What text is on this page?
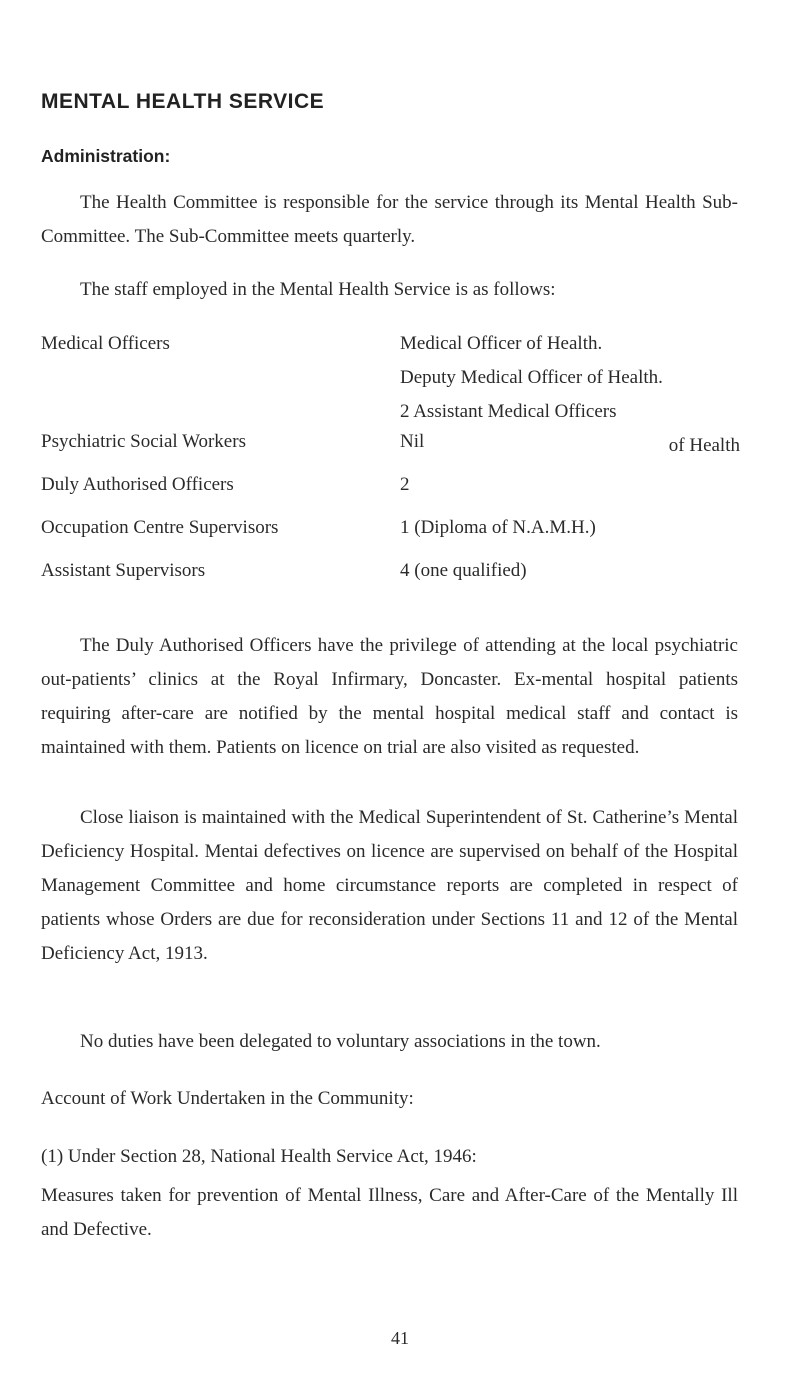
MENTAL HEALTH SERVICE
Administration:

The Health Committee is responsible for the service through its Mental Health Sub-Committee. The Sub-Committee meets quarterly.

The staff employed in the Mental Health Service is as follows:

Medical Officers	Medical Officer of Health.
Deputy Medical Officer of Health.
2 Assistant Medical Officers
of Health
Psychiatric Social Workers	Nil
Duly Authorised Officers	2
Occupation Centre Supervisors	1 (Diploma of N.A.M.H.)
Assistant Supervisors	4 (one qualified)

The Duly Authorised Officers have the privilege of attending at the local psychiatric out-patients’ clinics at the Royal Infirmary, Doncaster. Ex-mental hospital patients requiring after-care are notified by the mental hospital medical staff and contact is maintained with them. Patients on licence on trial are also visited as requested.

Close liaison is maintained with the Medical Superintendent of St. Catherine’s Mental Deficiency Hospital. Mentai defectives on licence are supervised on behalf of the Hospital Management Committee and home circumstance reports are completed in respect of patients whose Orders are due for reconsideration under Sections 11 and 12 of the Mental Deficiency Act, 1913.

No duties have been delegated to voluntary associations in the town.

Account of Work Undertaken in the Community:
(1) Under Section 28, National Health Service Act, 1946:

Measures taken for prevention of Mental Illness, Care and After-Care of the Mentally Ill and Defective.

41
